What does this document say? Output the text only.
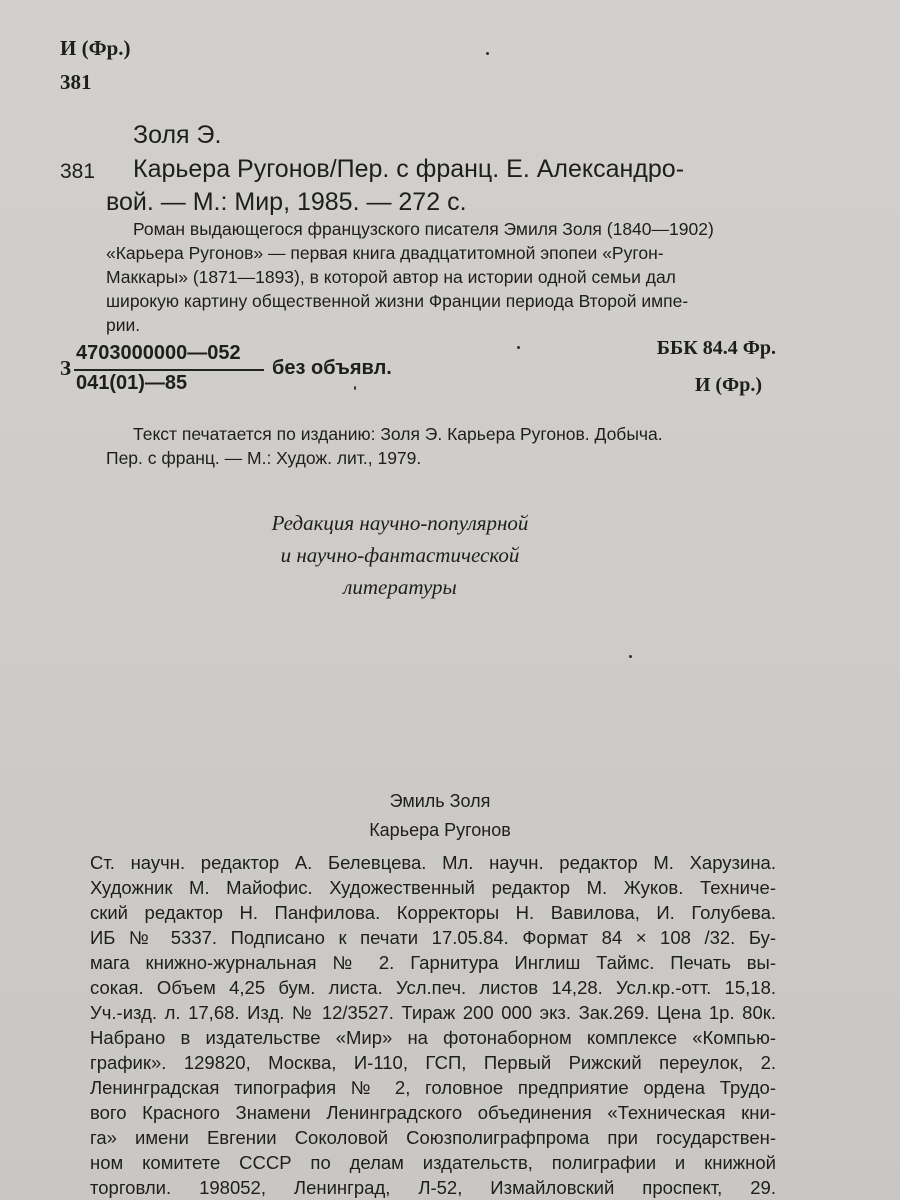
И (Фр.)
381
Золя Э.
381 Карьера Ругонов/Пер. с франц. Е. Александро-
вой. — М.: Мир, 1985. — 272 с.
Роман выдающегося французского писателя Эмиля Золя (1840—1902)
«Карьера Ругонов» — первая книга двадцатитомной эпопеи «Ругон-
Маккары» (1871—1893), в которой автор на истории одной семьи дал
широкую картину общественной жизни Франции периода Второй импе-
рии.
ББК 84.4 Фр.
З
4703000000—052
041(01)—85
без объявл.
И (Фр.)
Текст печатается по изданию: Золя Э. Карьера Ругонов. Добыча.
Пер. с франц. — М.: Худож. лит., 1979.
Редакция научно-популярной
и научно-фантастической
литературы
Эмиль Золя
Карьера Ругонов
Ст. научн. редактор А. Белевцева. Мл. научн. редактор М. Харузина.
Художник М. Майофис. Художественный редактор М. Жуков. Техниче-
ский редактор Н. Панфилова. Корректоры Н. Вавилова, И. Голубева.
ИБ № 5337. Подписано к печати 17.05.84. Формат 84 × 108 /32. Бу-
мага книжно-журнальная № 2. Гарнитура Инглиш Таймс. Печать вы-
сокая. Объем 4,25 бум. листа. Усл.печ. листов 14,28. Усл.кр.-отт. 15,18.
Уч.-изд. л. 17,68. Изд. № 12/3527. Тираж 200 000 экз. Зак.269. Цена 1р. 80к.
Набрано в издательстве «Мир» на фотонаборном комплексе «Компью-
график». 129820, Москва, И-110, ГСП, Первый Рижский переулок, 2.
Ленинградская типография № 2, головное предприятие ордена Трудо-
вого Красного Знамени Ленинградского объединения «Техническая кни-
га» имени Евгении Соколовой Союзполиграфпрома при государствен-
ном комитете СССР по делам издательств, полиграфии и книжной
торговли. 198052, Ленинград, Л-52, Измайловский проспект, 29.
